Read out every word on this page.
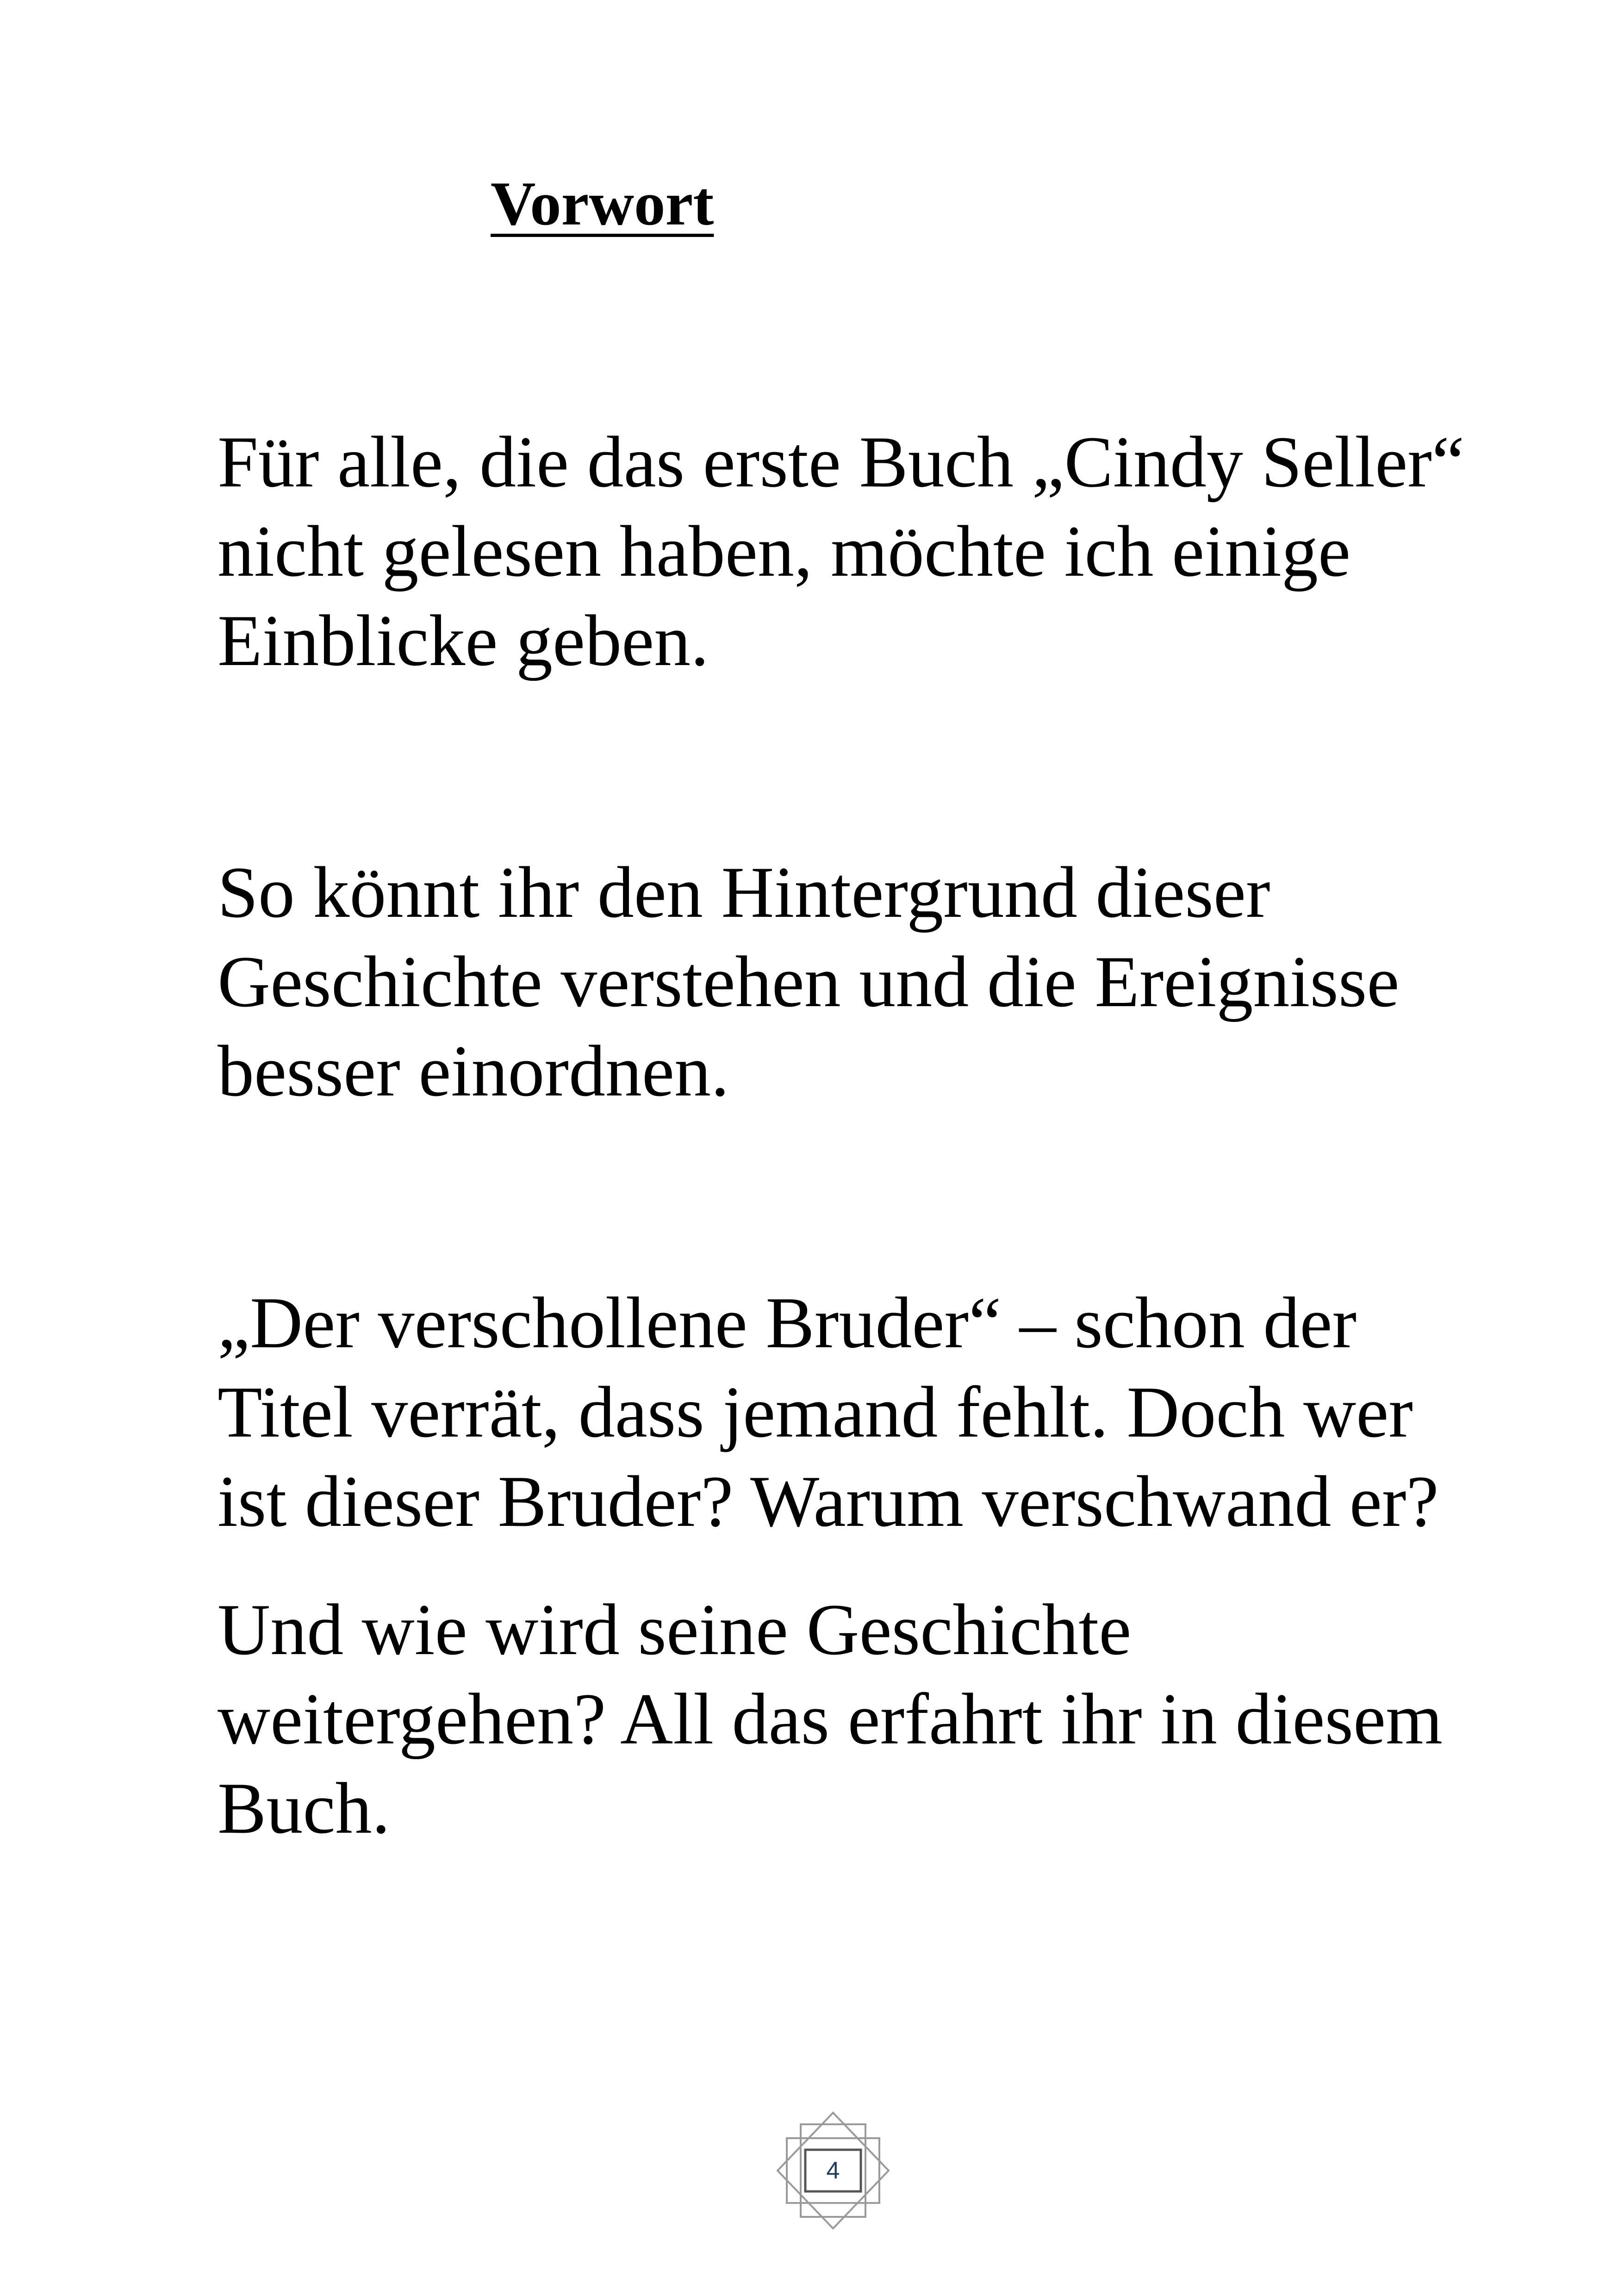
Vorwort

Für alle, die das erste Buch „Cindy Seller“
nicht gelesen haben, möchte ich einige
Einblicke geben.

So könnt ihr den Hintergrund dieser
Geschichte verstehen und die Ereignisse
besser einordnen.

„Der verschollene Bruder“ – schon der
Titel verrät, dass jemand fehlt. Doch wer
ist dieser Bruder? Warum verschwand er?

Und wie wird seine Geschichte
weitergehen? All das erfahrt ihr in diesem
Buch.

4
